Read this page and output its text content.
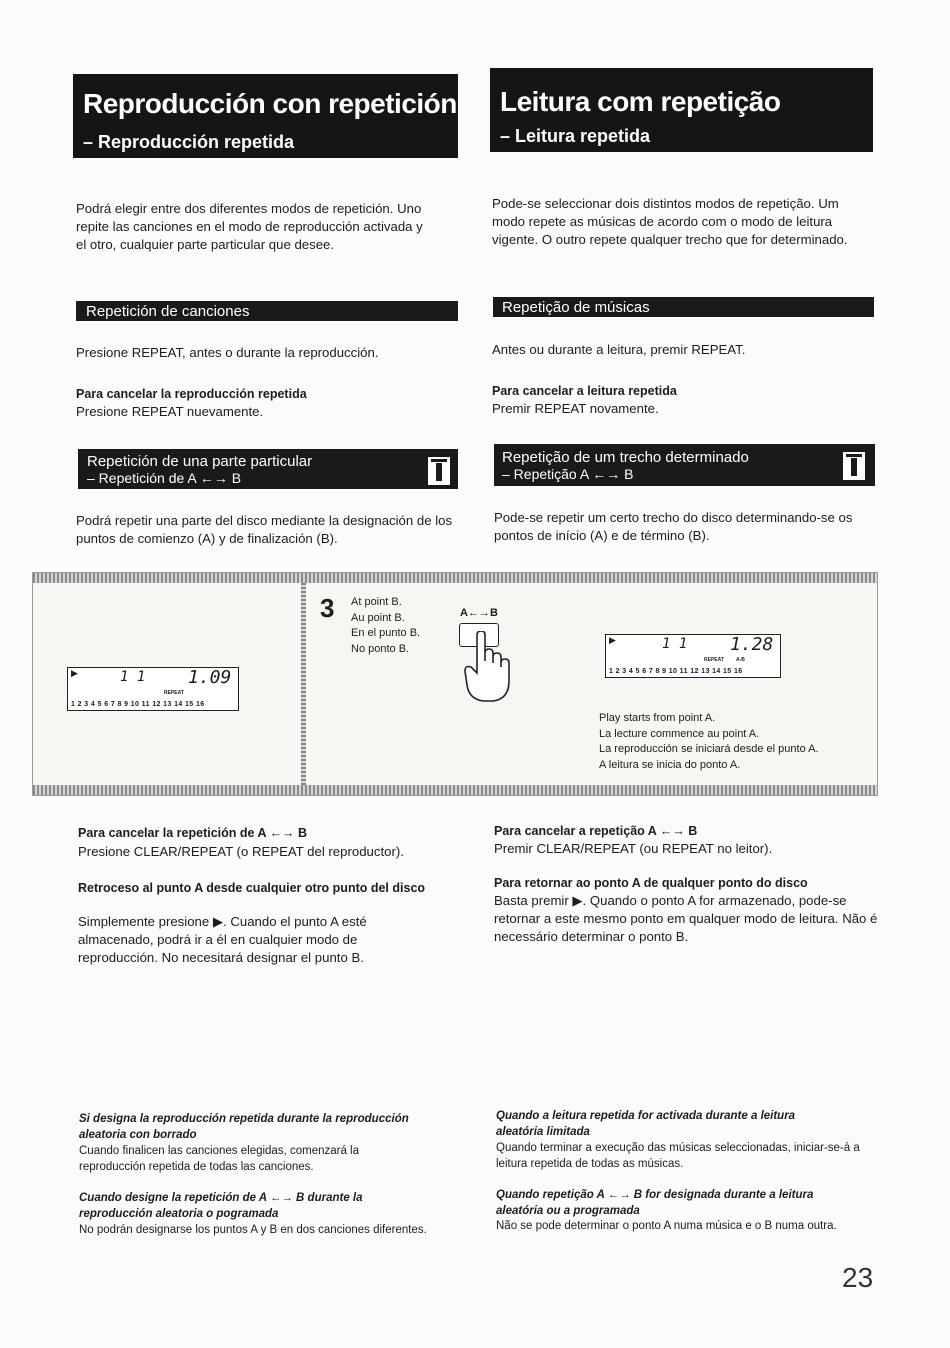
Reproducción con repetición
– Reproducción repetida
Podrá elegir entre dos diferentes modos de repetición. Uno repite las canciones en el modo de reproducción activada y el otro, cualquier parte particular que desee.
Repetición de canciones
Presione REPEAT, antes o durante la reproducción.
Para cancelar la reproducción repetida
Presione REPEAT nuevamente.
Repetición de una parte particular
– Repetición de A ←→ B
Podrá repetir una parte del disco mediante la designación de los puntos de comienzo (A) y de finalización (B).
Para cancelar la repetición de A ←→ B
Presione CLEAR/REPEAT (o REPEAT del reproductor).
Retroceso al punto A desde cualquier otro punto del disco
Simplemente presione ▶. Cuando el punto A esté almacenado, podrá ir a él en cualquier modo de reproducción. No necesitará designar el punto B.
Si designa la reproducción repetida durante la reproducción aleatoria con borrado
Cuando finalicen las canciones elegidas, comenzará la reproducción repetida de todas las canciones.
Cuando designe la repetición de A ←→ B durante la reproducción aleatoria o pogramada
No podrán designarse los puntos A y B en dos canciones diferentes.
Leitura com repetição
– Leitura repetida
Pode-se seleccionar dois distintos modos de repetição. Um modo repete as músicas de acordo com o modo de leitura vigente. O outro repete qualquer trecho que for determinado.
Repetição de músicas
Antes ou durante a leitura, premir REPEAT.
Para cancelar a leitura repetida
Premir REPEAT novamente.
Repetição de um trecho determinado
– Repetição A ←→ B
Pode-se repetir um certo trecho do disco determinando-se os pontos de início (A) e de término (B).
Para cancelar a repetição A ←→ B
Premir CLEAR/REPEAT (ou REPEAT no leitor).
Para retornar ao ponto A de qualquer ponto do disco
Basta premir ▶. Quando o ponto A for armazenado, pode-se retornar a este mesmo ponto em qualquer modo de leitura. Não é necessário determinar o ponto B.
Quando a leitura repetida for activada durante a leitura aleatória limitada
Quando terminar a execução das músicas seleccionadas, iniciar-se-á a leitura repetida de todas as músicas.
Quando repetição A ←→ B for designada durante a leitura aleatória ou a programada
Não se pode determinar o ponto A numa música e o B numa outra.
▶	1 1 1.09
REPEAT
1 2 3 4 5 6 7 8 9 10 11 12 13 14 15 16
3 At point B.
Au point B.
En el punto B.
No ponto B.
A←→B
▶	1 1 1.28
REPEAT A-B
1 2 3 4 5 6 7 8 9 10 11 12 13 14 15 16
Play starts from point A.
La lecture commence au point A.
La reproducción se iniciará desde el punto A.
A leitura se inicia do ponto A.
23
